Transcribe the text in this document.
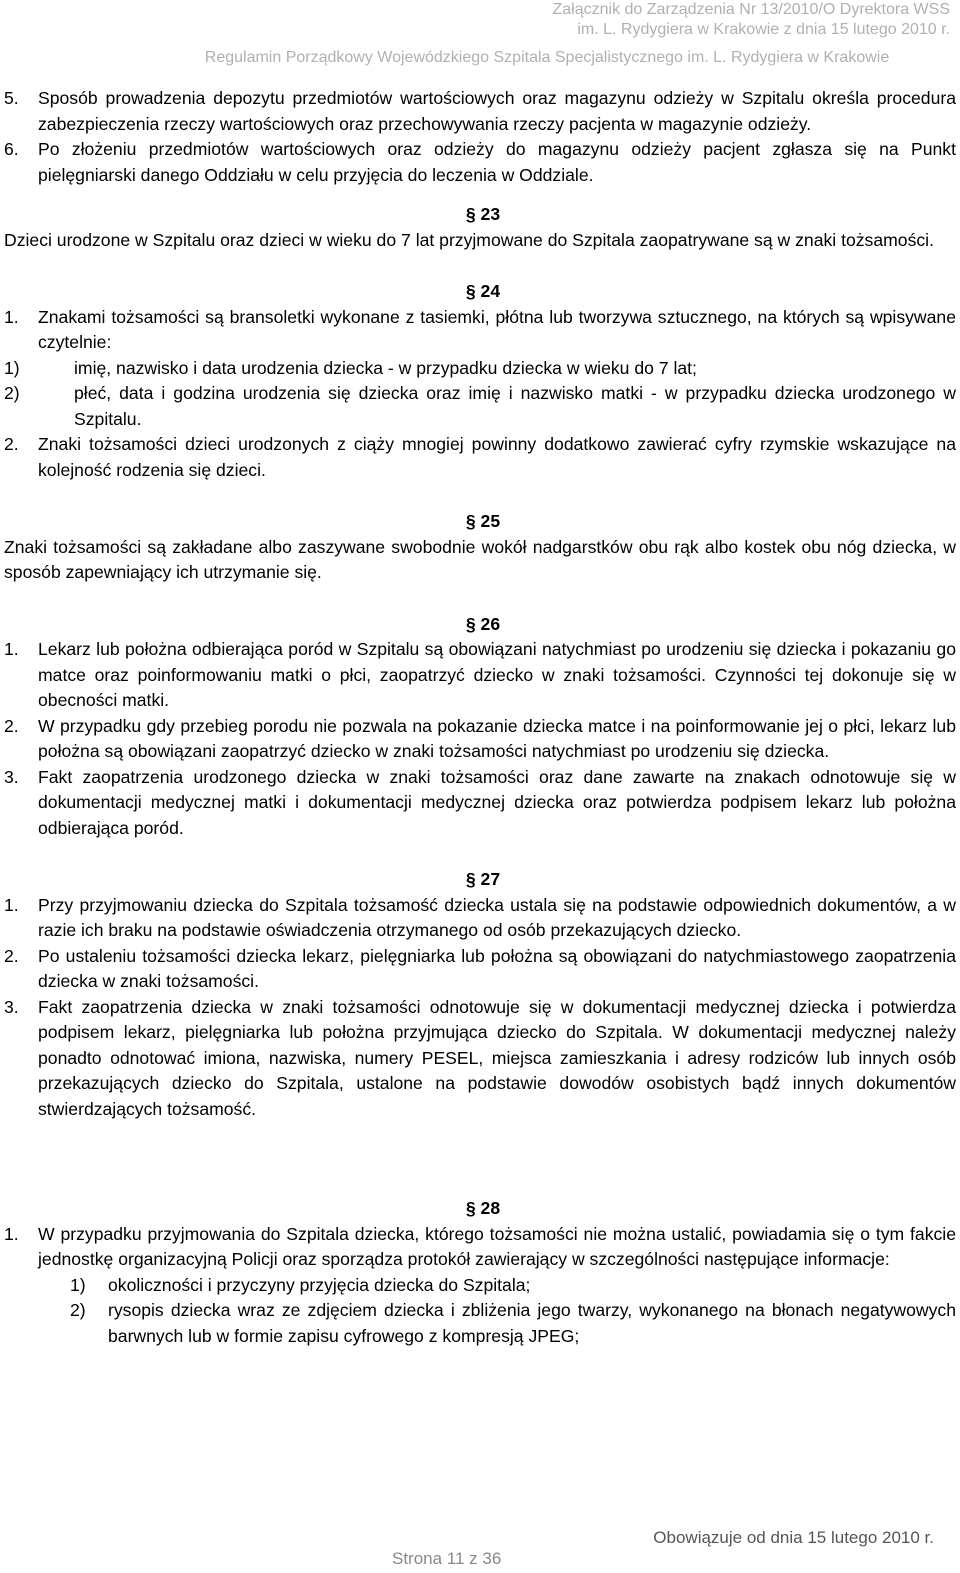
Załącznik do Zarządzenia Nr 13/2010/O Dyrektora WSS
im. L. Rydygiera w Krakowie z dnia 15 lutego 2010 r.
Regulamin Porządkowy Wojewódzkiego Szpitala Specjalistycznego im. L. Rydygiera w Krakowie
5. Sposób prowadzenia depozytu przedmiotów wartościowych oraz magazynu odzieży w Szpitalu określa procedura zabezpieczenia rzeczy wartościowych oraz przechowywania rzeczy pacjenta w magazynie odzieży.
6. Po złożeniu przedmiotów wartościowych oraz odzieży do magazynu odzieży pacjent zgłasza się na Punkt pielęgniarski danego Oddziału w celu przyjęcia do leczenia w Oddziale.
§ 23
Dzieci urodzone w Szpitalu oraz dzieci w wieku do 7 lat przyjmowane do Szpitala zaopatrywane są w znaki tożsamości.
§ 24
1. Znakami tożsamości są bransoletki wykonane z tasiemki, płótna lub tworzywa sztucznego, na których są wpisywane czytelnie:
1)	imię, nazwisko i data urodzenia dziecka - w przypadku dziecka w wieku do 7 lat;
2)	płeć, data i godzina urodzenia się dziecka oraz imię i nazwisko matki - w przypadku dziecka urodzonego w Szpitalu.
2. Znaki tożsamości dzieci urodzonych z ciąży mnogiej powinny dodatkowo zawierać cyfry rzymskie wskazujące na kolejność rodzenia się dzieci.
§ 25
Znaki tożsamości są zakładane albo zaszywane swobodnie wokół nadgarstków obu rąk albo kostek obu nóg dziecka, w sposób zapewniający ich utrzymanie się.
§ 26
1. Lekarz lub położna odbierająca poród w Szpitalu są obowiązani natychmiast po urodzeniu się dziecka i pokazaniu go matce oraz poinformowaniu matki o płci, zaopatrzyć dziecko w znaki tożsamości. Czynności tej dokonuje się w obecności matki.
2. W przypadku gdy przebieg porodu nie pozwala na pokazanie dziecka matce i na poinformowanie jej o płci, lekarz lub położna są obowiązani zaopatrzyć dziecko w znaki tożsamości natychmiast po urodzeniu się dziecka.
3. Fakt zaopatrzenia urodzonego dziecka w znaki tożsamości oraz dane zawarte na znakach odnotowuje się w dokumentacji medycznej matki i dokumentacji medycznej dziecka oraz potwierdza podpisem lekarz lub położna odbierająca poród.
§ 27
1. Przy przyjmowaniu dziecka do Szpitala tożsamość dziecka ustala się na podstawie odpowiednich dokumentów, a w razie ich braku na podstawie oświadczenia otrzymanego od osób przekazujących dziecko.
2. Po ustaleniu tożsamości dziecka lekarz, pielęgniarka lub położna są obowiązani do natychmiastowego zaopatrzenia dziecka w znaki tożsamości.
3. Fakt zaopatrzenia dziecka w znaki tożsamości odnotowuje się w dokumentacji medycznej dziecka i potwierdza podpisem lekarz, pielęgniarka lub położna przyjmująca dziecko do Szpitala. W dokumentacji medycznej należy ponadto odnotować imiona, nazwiska, numery PESEL, miejsca zamieszkania i adresy rodziców lub innych osób przekazujących dziecko do Szpitala, ustalone na podstawie dowodów osobistych bądź innych dokumentów stwierdzających tożsamość.
§ 28
1. W przypadku przyjmowania do Szpitala dziecka, którego tożsamości nie można ustalić, powiadamia się o tym fakcie jednostkę organizacyjną Policji oraz sporządza protokół zawierający w szczególności następujące informacje:
1) okoliczności i przyczyny przyjęcia dziecka do Szpitala;
2) rysopis dziecka wraz ze zdjęciem dziecka i zbliżenia jego twarzy, wykonanego na błonach negatywowych barwnych lub w formie zapisu cyfrowego z kompresją JPEG;
Obowiązuje od dnia 15 lutego 2010 r.
Strona 11 z 36
